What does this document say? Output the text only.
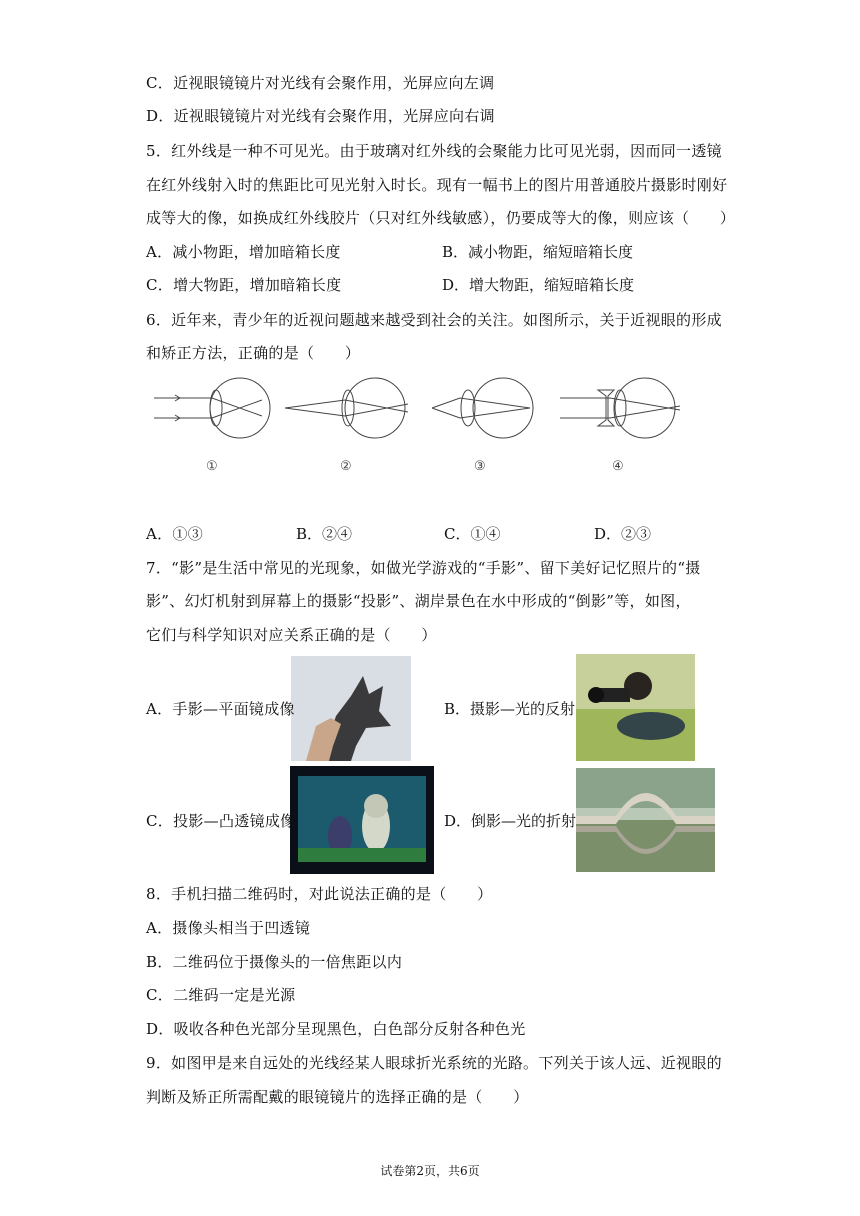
C．近视眼镜镜片对光线有会聚作用，光屏应向左调
D．近视眼镜镜片对光线有会聚作用，光屏应向右调
5．红外线是一种不可见光。由于玻璃对红外线的会聚能力比可见光弱，因而同一透镜
在红外线射入时的焦距比可见光射入时长。现有一幅书上的图片用普通胶片摄影时刚好
成等大的像，如换成红外线胶片（只对红外线敏感），仍要成等大的像，则应该（　　）
A．减小物距，增加暗箱长度	B．减小物距，缩短暗箱长度
C．增大物距，增加暗箱长度	D．增大物距，缩短暗箱长度
6．近年来，青少年的近视问题越来越受到社会的关注。如图所示，关于近视眼的形成
和矫正方法，正确的是（　　）
①	②	③	④
A．①③	B．②④	C．①④	D．②③
7．“影”是生活中常见的光现象，如做光学游戏的“手影”、留下美好记忆照片的“摄
影”、幻灯机射到屏幕上的摄影“投影”、湖岸景色在水中形成的“倒影”等，如图，
它们与科学知识对应关系正确的是（　　）
A．手影—平面镜成像	B．摄影—光的反射
C．投影—凸透镜成像	D．倒影—光的折射
8．手机扫描二维码时，对此说法正确的是（　　）
A．摄像头相当于凹透镜
B．二维码位于摄像头的一倍焦距以内
C．二维码一定是光源
D．吸收各种色光部分呈现黑色，白色部分反射各种色光
9．如图甲是来自远处的光线经某人眼球折光系统的光路。下列关于该人远、近视眼的
判断及矫正所需配戴的眼镜镜片的选择正确的是（　　）
试卷第2页，共6页
